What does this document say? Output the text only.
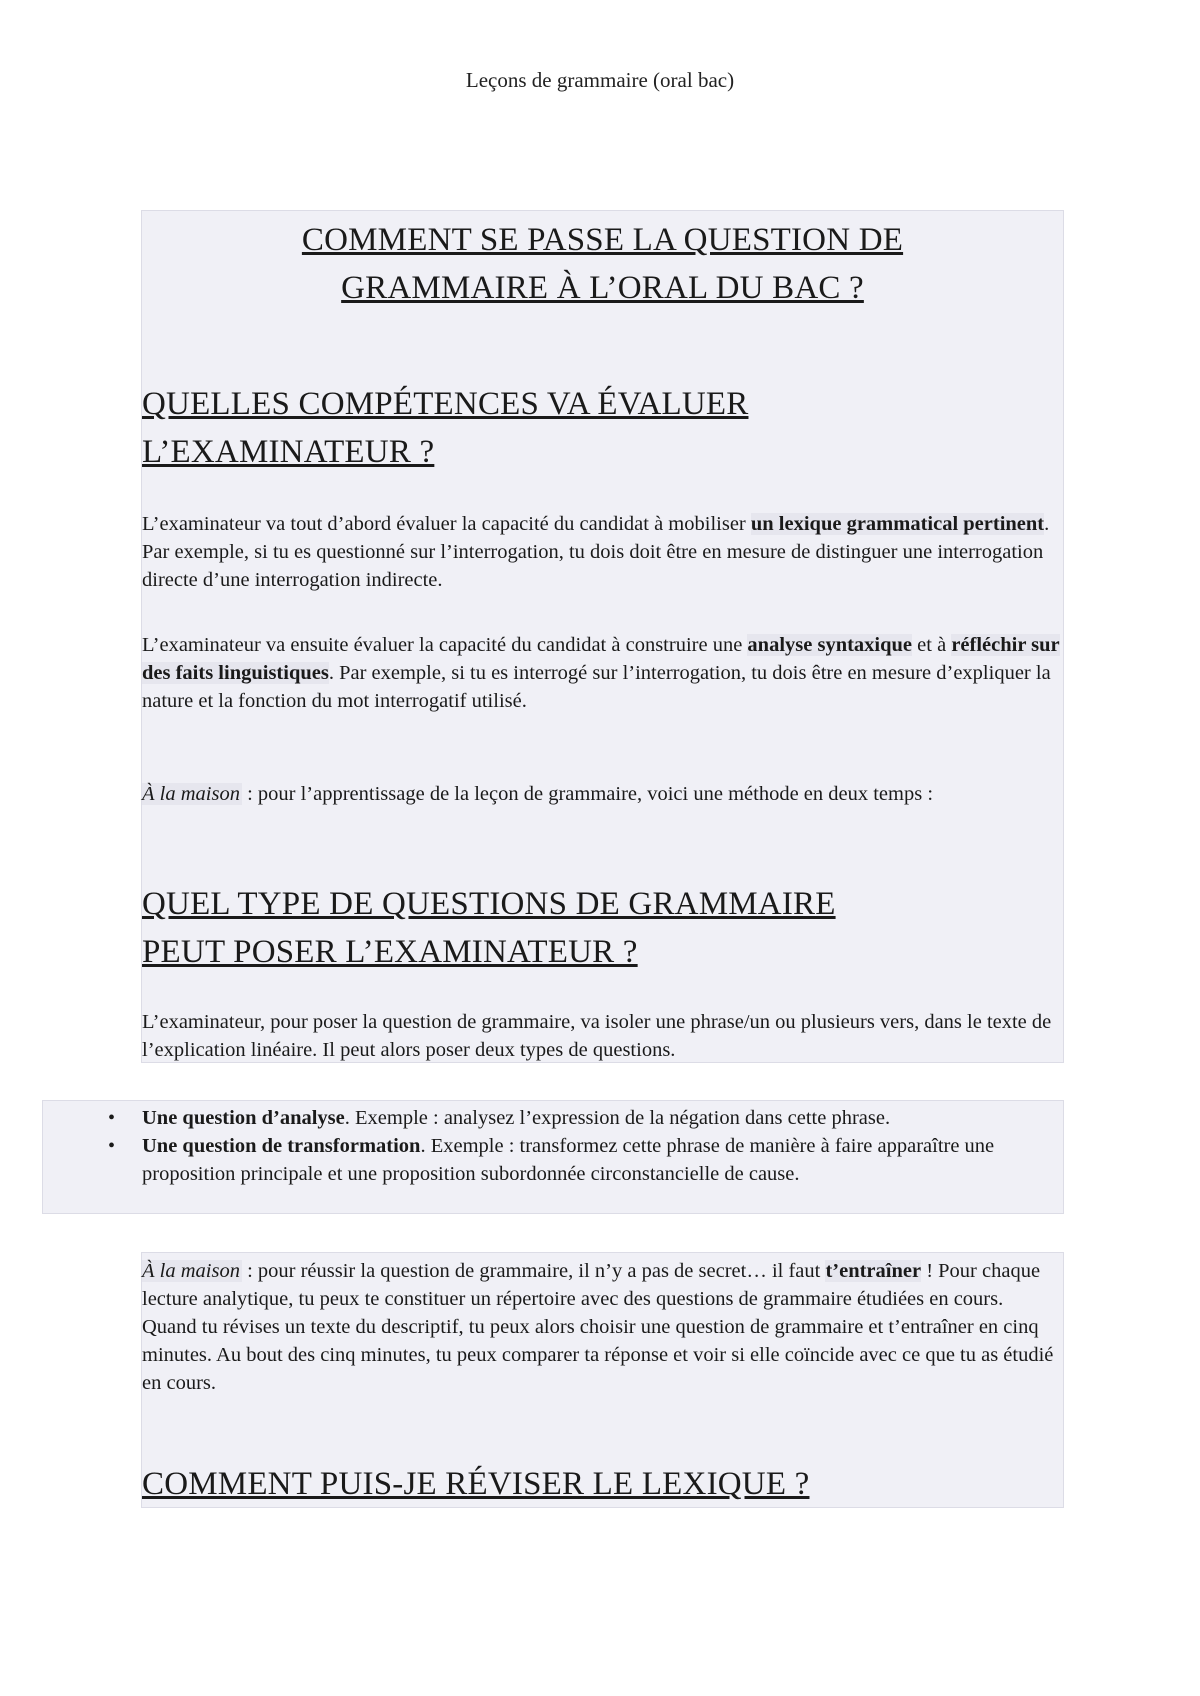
Leçons de grammaire (oral bac)
COMMENT SE PASSE LA QUESTION DE
GRAMMAIRE À L’ORAL DU BAC ?
QUELLES COMPÉTENCES VA ÉVALUER
L’EXAMINATEUR ?
L’examinateur va tout d’abord évaluer la capacité du candidat à mobiliser un lexique grammatical pertinent. Par exemple, si tu es questionné sur l’interrogation, tu dois doit être en mesure de distinguer une interrogation directe d’une interrogation indirecte.
L’examinateur va ensuite évaluer la capacité du candidat à construire une analyse syntaxique et à réfléchir sur des faits linguistiques. Par exemple, si tu es interrogé sur l’interrogation, tu dois être en mesure d’expliquer la nature et la fonction du mot interrogatif utilisé.
À la maison : pour l’apprentissage de la leçon de grammaire, voici une méthode en deux temps :
QUEL TYPE DE QUESTIONS DE GRAMMAIRE
PEUT POSER L’EXAMINATEUR ?
L’examinateur, pour poser la question de grammaire, va isoler une phrase/un ou plusieurs vers, dans le texte de l’explication linéaire. Il peut alors poser deux types de questions.
• Une question d’analyse. Exemple : analysez l’expression de la négation dans cette phrase.
• Une question de transformation. Exemple : transformez cette phrase de manière à faire apparaître une proposition principale et une proposition subordonnée circonstancielle de cause.
À la maison : pour réussir la question de grammaire, il n’y a pas de secret… il faut t’entraîner ! Pour chaque lecture analytique, tu peux te constituer un répertoire avec des questions de grammaire étudiées en cours. Quand tu révises un texte du descriptif, tu peux alors choisir une question de grammaire et t’entraîner en cinq minutes. Au bout des cinq minutes, tu peux comparer ta réponse et voir si elle coïncide avec ce que tu as étudié en cours.
COMMENT PUIS-JE RÉVISER LE LEXIQUE ?
